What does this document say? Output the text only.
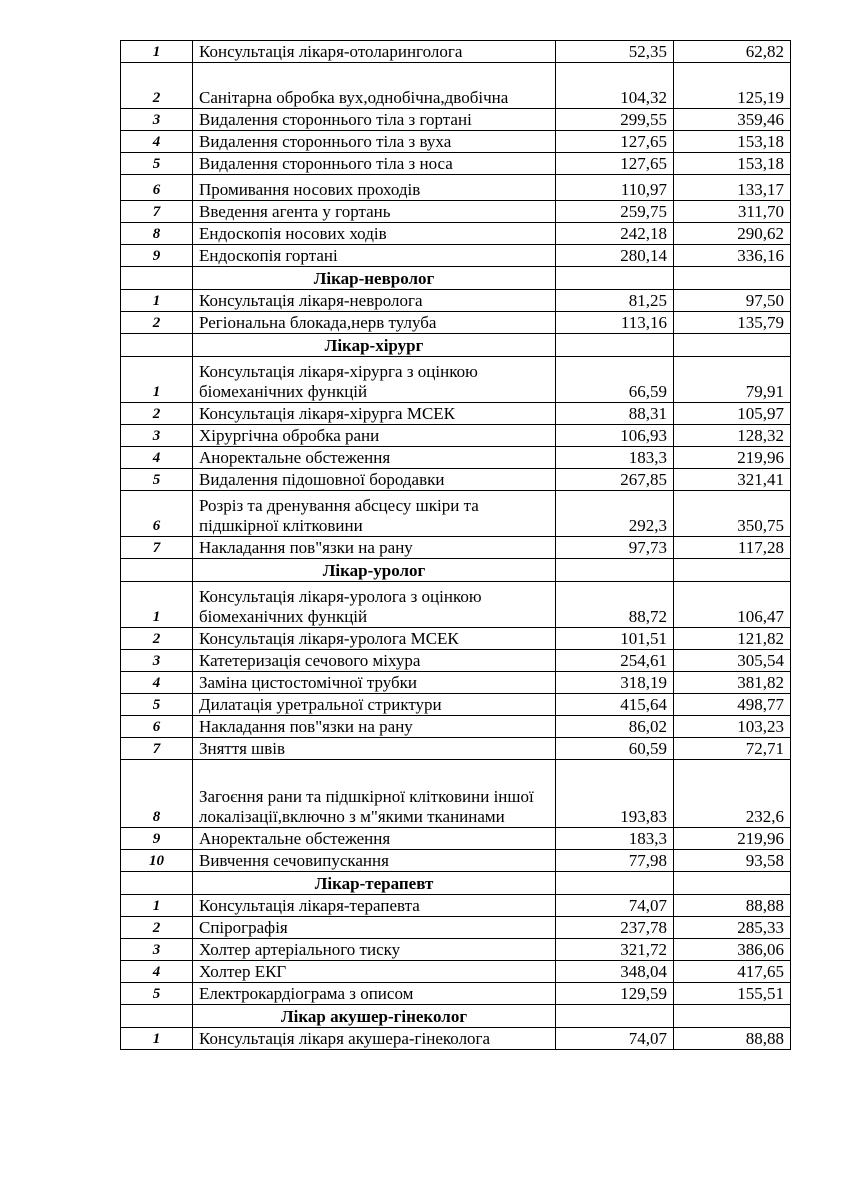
1	Консультація лікаря-отоларинголога	52,35	62,82
2	Санітарна обробка вух,однобічна,двобічна	104,32	125,19
3	Видалення стороннього тіла з гортані	299,55	359,46
4	Видалення стороннього тіла з вуха	127,65	153,18
5	Видалення стороннього тіла з носа	127,65	153,18
6	Промивання носових проходів	110,97	133,17
7	Введення агента у гортань	259,75	311,70
8	Ендоскопія носових ходів	242,18	290,62
9	Ендоскопія гортані	280,14	336,16
	Лікар-невролог		
1	Консультація лікаря-невролога	81,25	97,50
2	Регіональна блокада,нерв тулуба	113,16	135,79
	Лікар-хірург		
1	Консультація лікаря-хірурга з оцінкою біомеханічних функцій	66,59	79,91
2	Консультація лікаря-хірурга МСЕК	88,31	105,97
3	Хірургічна обробка рани	106,93	128,32
4	Аноректальне обстеження	183,3	219,96
5	Видалення підошовної бородавки	267,85	321,41
6	Розріз та дренування абсцесу шкіри та підшкірної клітковини	292,3	350,75
7	Накладання пов"язки на рану	97,73	117,28
	Лікар-уролог		
1	Консультація лікаря-уролога з оцінкою біомеханічних функцій	88,72	106,47
2	Консультація лікаря-уролога МСЕК	101,51	121,82
3	Катетеризація сечового міхура	254,61	305,54
4	Заміна цистостомічної трубки	318,19	381,82
5	Дилатація уретральної стриктури	415,64	498,77
6	Накладання пов"язки на рану	86,02	103,23
7	Зняття швів	60,59	72,71
8	Загоєння рани та підшкірної клітковини іншої локалізації,включно з м"якими тканинами	193,83	232,6
9	Аноректальне обстеження	183,3	219,96
10	Вивчення сечовипускання	77,98	93,58
	Лікар-терапевт		
1	Консультація лікаря-терапевта	74,07	88,88
2	Спірографія	237,78	285,33
3	Холтер артеріального тиску	321,72	386,06
4	Холтер ЕКГ	348,04	417,65
5	Електрокардіограма з описом	129,59	155,51
	Лікар акушер-гінеколог		
1	Консультація лікаря акушера-гінеколога	74,07	88,88
